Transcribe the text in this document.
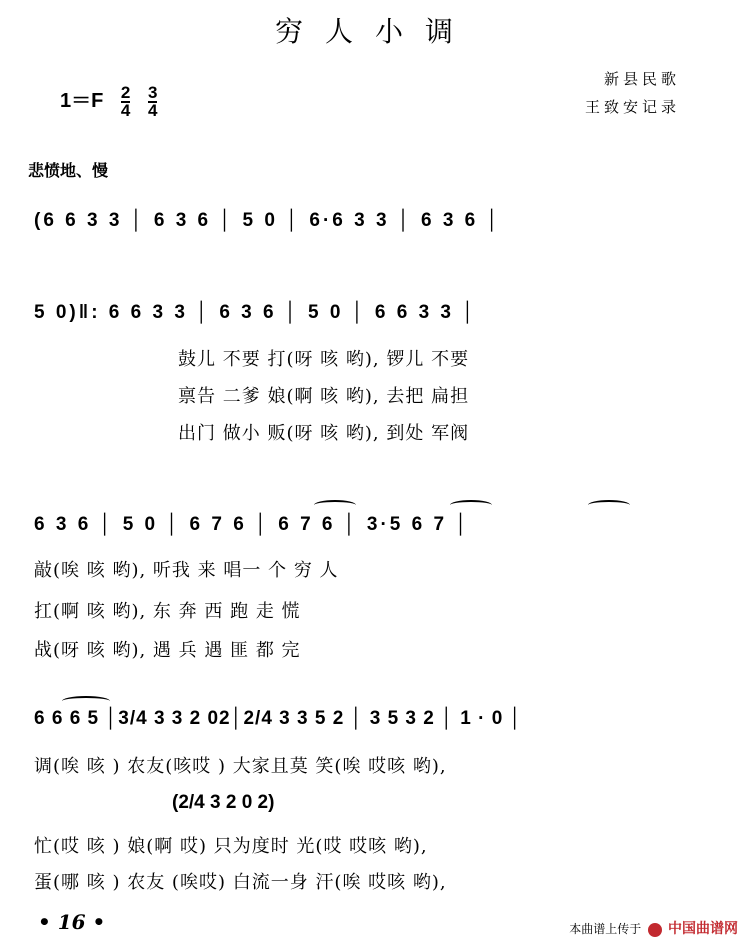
穷人小调
$1=F \frac{2}{4} \frac{3}{4}$
新县民歌
王致安记录
悲愤地、慢
(6 6 3 3 │ 6 3 6 │ 5 0 │ 6·6 3 3 │ 6 3 6 │
5 0)‖: 6 6 3 3 │ 6 3 6 │ 5 0 │ 6 6 3 3 │
鼓儿 不要 打(呀 咳 哟), 锣儿 不要
禀告 二爹 娘(啊 咳 哟), 去把 扁担
出门 做小 贩(呀 咳 哟), 到处 军阀
6 3 6 │ 5 0 │ 6 7 6 │ 6 7 6 │ 3·5 6 7 │
敲(唉 咳 哟), 听我 来 唱一 个 穷 人
扛(啊 咳 哟), 东 奔 西 跑 走 慌
战(呀 咳 哟), 遇 兵 遇 匪 都 完
6 6 6 5 │3/4 3 3 2 02│2/4 3 3 5 2 │ 3 5 3 2 │ 1 · 0 │
调(唉 咳 ) 农友(咳哎 ) 大家且莫 笑(唉 哎咳 哟),
(2/4 3 2 0 2)
忙(哎 咳 ) 娘(啊 哎) 只为度时 光(哎 哎咳 哟),
蛋(哪 咳 ) 农友 (唉哎) 白流一身 汗(唉 哎咳 哟),
• 16 •	本曲谱上传于 中国曲谱网
